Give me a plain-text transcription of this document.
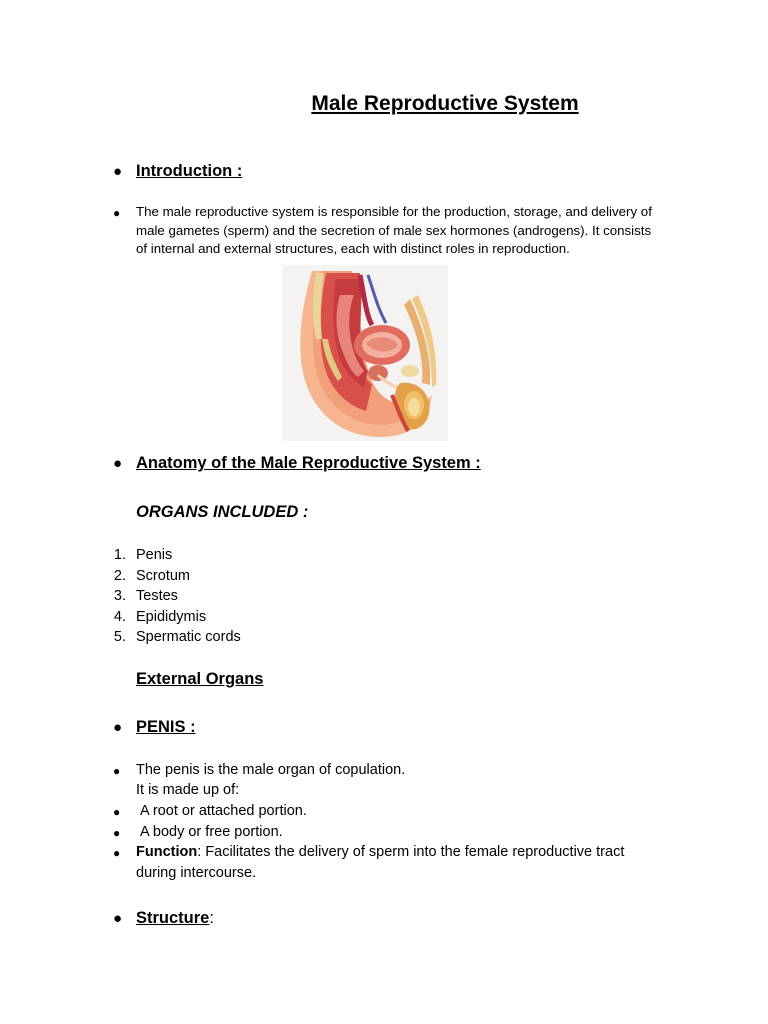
Male Reproductive System
● Introduction :
● The male reproductive system is responsible for the production, storage, and delivery of
male gametes (sperm) and the secretion of male sex hormones (androgens). It consists
of internal and external structures, each with distinct roles in reproduction.
● Anatomy of the Male Reproductive System :
ORGANS INCLUDED :
1. Penis
2. Scrotum
3. Testes
4. Epididymis
5. Spermatic cords
External Organs
● PENIS :
● The penis is the male organ of copulation.
It is made up of:
● A root or attached portion.
● A body or free portion.
● Function: Facilitates the delivery of sperm into the female reproductive tract
during intercourse.
● Structure:
